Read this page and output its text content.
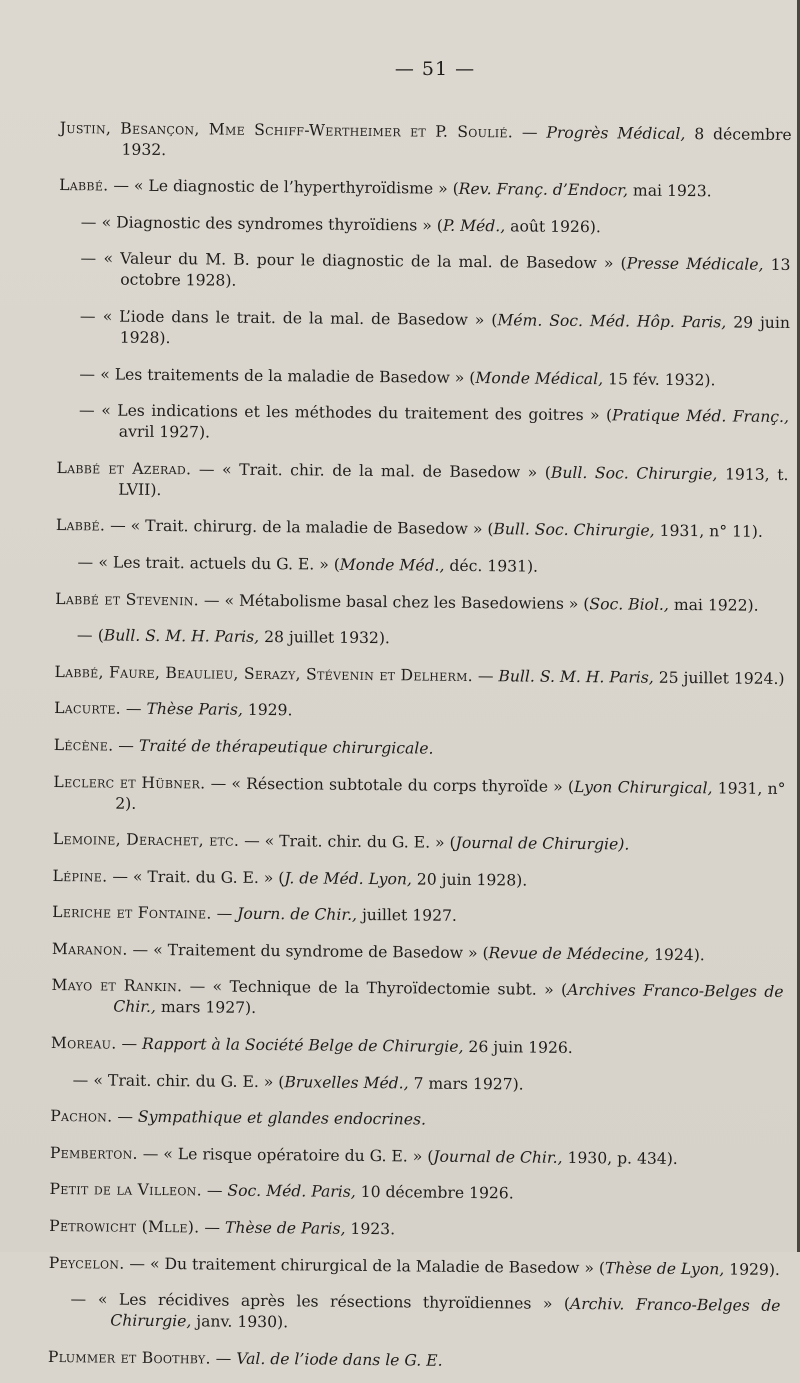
— 51 —

Justin, Besançon, Mme Schiff-Wertheimer et P. Soulié. — Progrès Médical, 8 décembre 1932.

Labbé. — « Le diagnostic de l’hyperthyroïdisme » (Rev. Franç. d’Endocr, mai 1923.

— « Diagnostic des syndromes thyroïdiens » (P. Méd., août 1926).

— « Valeur du M. B. pour le diagnostic de la mal. de Basedow » (Presse Médicale, 13 octobre 1928).

— « L’iode dans le trait. de la mal. de Basedow » (Mém. Soc. Méd. Hôp. Paris, 29 juin 1928).

— « Les traitements de la maladie de Basedow » (Monde Médical, 15 fév. 1932).

— « Les indications et les méthodes du traitement des goitres » (Pratique Méd. Franç., avril 1927).

Labbé et Azerad. — « Trait. chir. de la mal. de Basedow » (Bull. Soc. Chirurgie, 1913, t. LVII).

Labbé. — « Trait. chirurg. de la maladie de Basedow » (Bull. Soc. Chirurgie, 1931, n° 11).

— « Les trait. actuels du G. E. » (Monde Méd., déc. 1931).

Labbé et Stevenin. — « Métabolisme basal chez les Basedowiens » (Soc. Biol., mai 1922).

— (Bull. S. M. H. Paris, 28 juillet 1932).

Labbé, Faure, Beaulieu, Serazy, Stévenin et Delherm. — Bull. S. M. H. Paris, 25 juillet 1924.)

Lacurte. — Thèse Paris, 1929.

Lécène. — Traité de thérapeutique chirurgicale.

Leclerc et Hübner. — « Résection subtotale du corps thyroïde » (Lyon Chirurgical, 1931, n° 2).

Lemoine, Derachet, etc. — « Trait. chir. du G. E. » (Journal de Chirurgie).

Lépine. — « Trait. du G. E. » (J. de Méd. Lyon, 20 juin 1928).

Leriche et Fontaine. — Journ. de Chir., juillet 1927.

Maranon. — « Traitement du syndrome de Basedow » (Revue de Médecine, 1924).

Mayo et Rankin. — « Technique de la Thyroïdectomie subt. » (Archives Franco-Belges de Chir., mars 1927).

Moreau. — Rapport à la Société Belge de Chirurgie, 26 juin 1926.

— « Trait. chir. du G. E. » (Bruxelles Méd., 7 mars 1927).

Pachon. — Sympathique et glandes endocrines.

Pemberton. — « Le risque opératoire du G. E. » (Journal de Chir., 1930, p. 434).

Petit de la Villeon. — Soc. Méd. Paris, 10 décembre 1926.

Petrowicht (Mlle). — Thèse de Paris, 1923.

Peycelon. — « Du traitement chirurgical de la Maladie de Basedow » (Thèse de Lyon, 1929).

— « Les récidives après les résections thyroïdiennes » (Archiv. Franco-Belges de Chirurgie, janv. 1930).

Plummer et Boothby. — Val. de l’iode dans le G. E.
